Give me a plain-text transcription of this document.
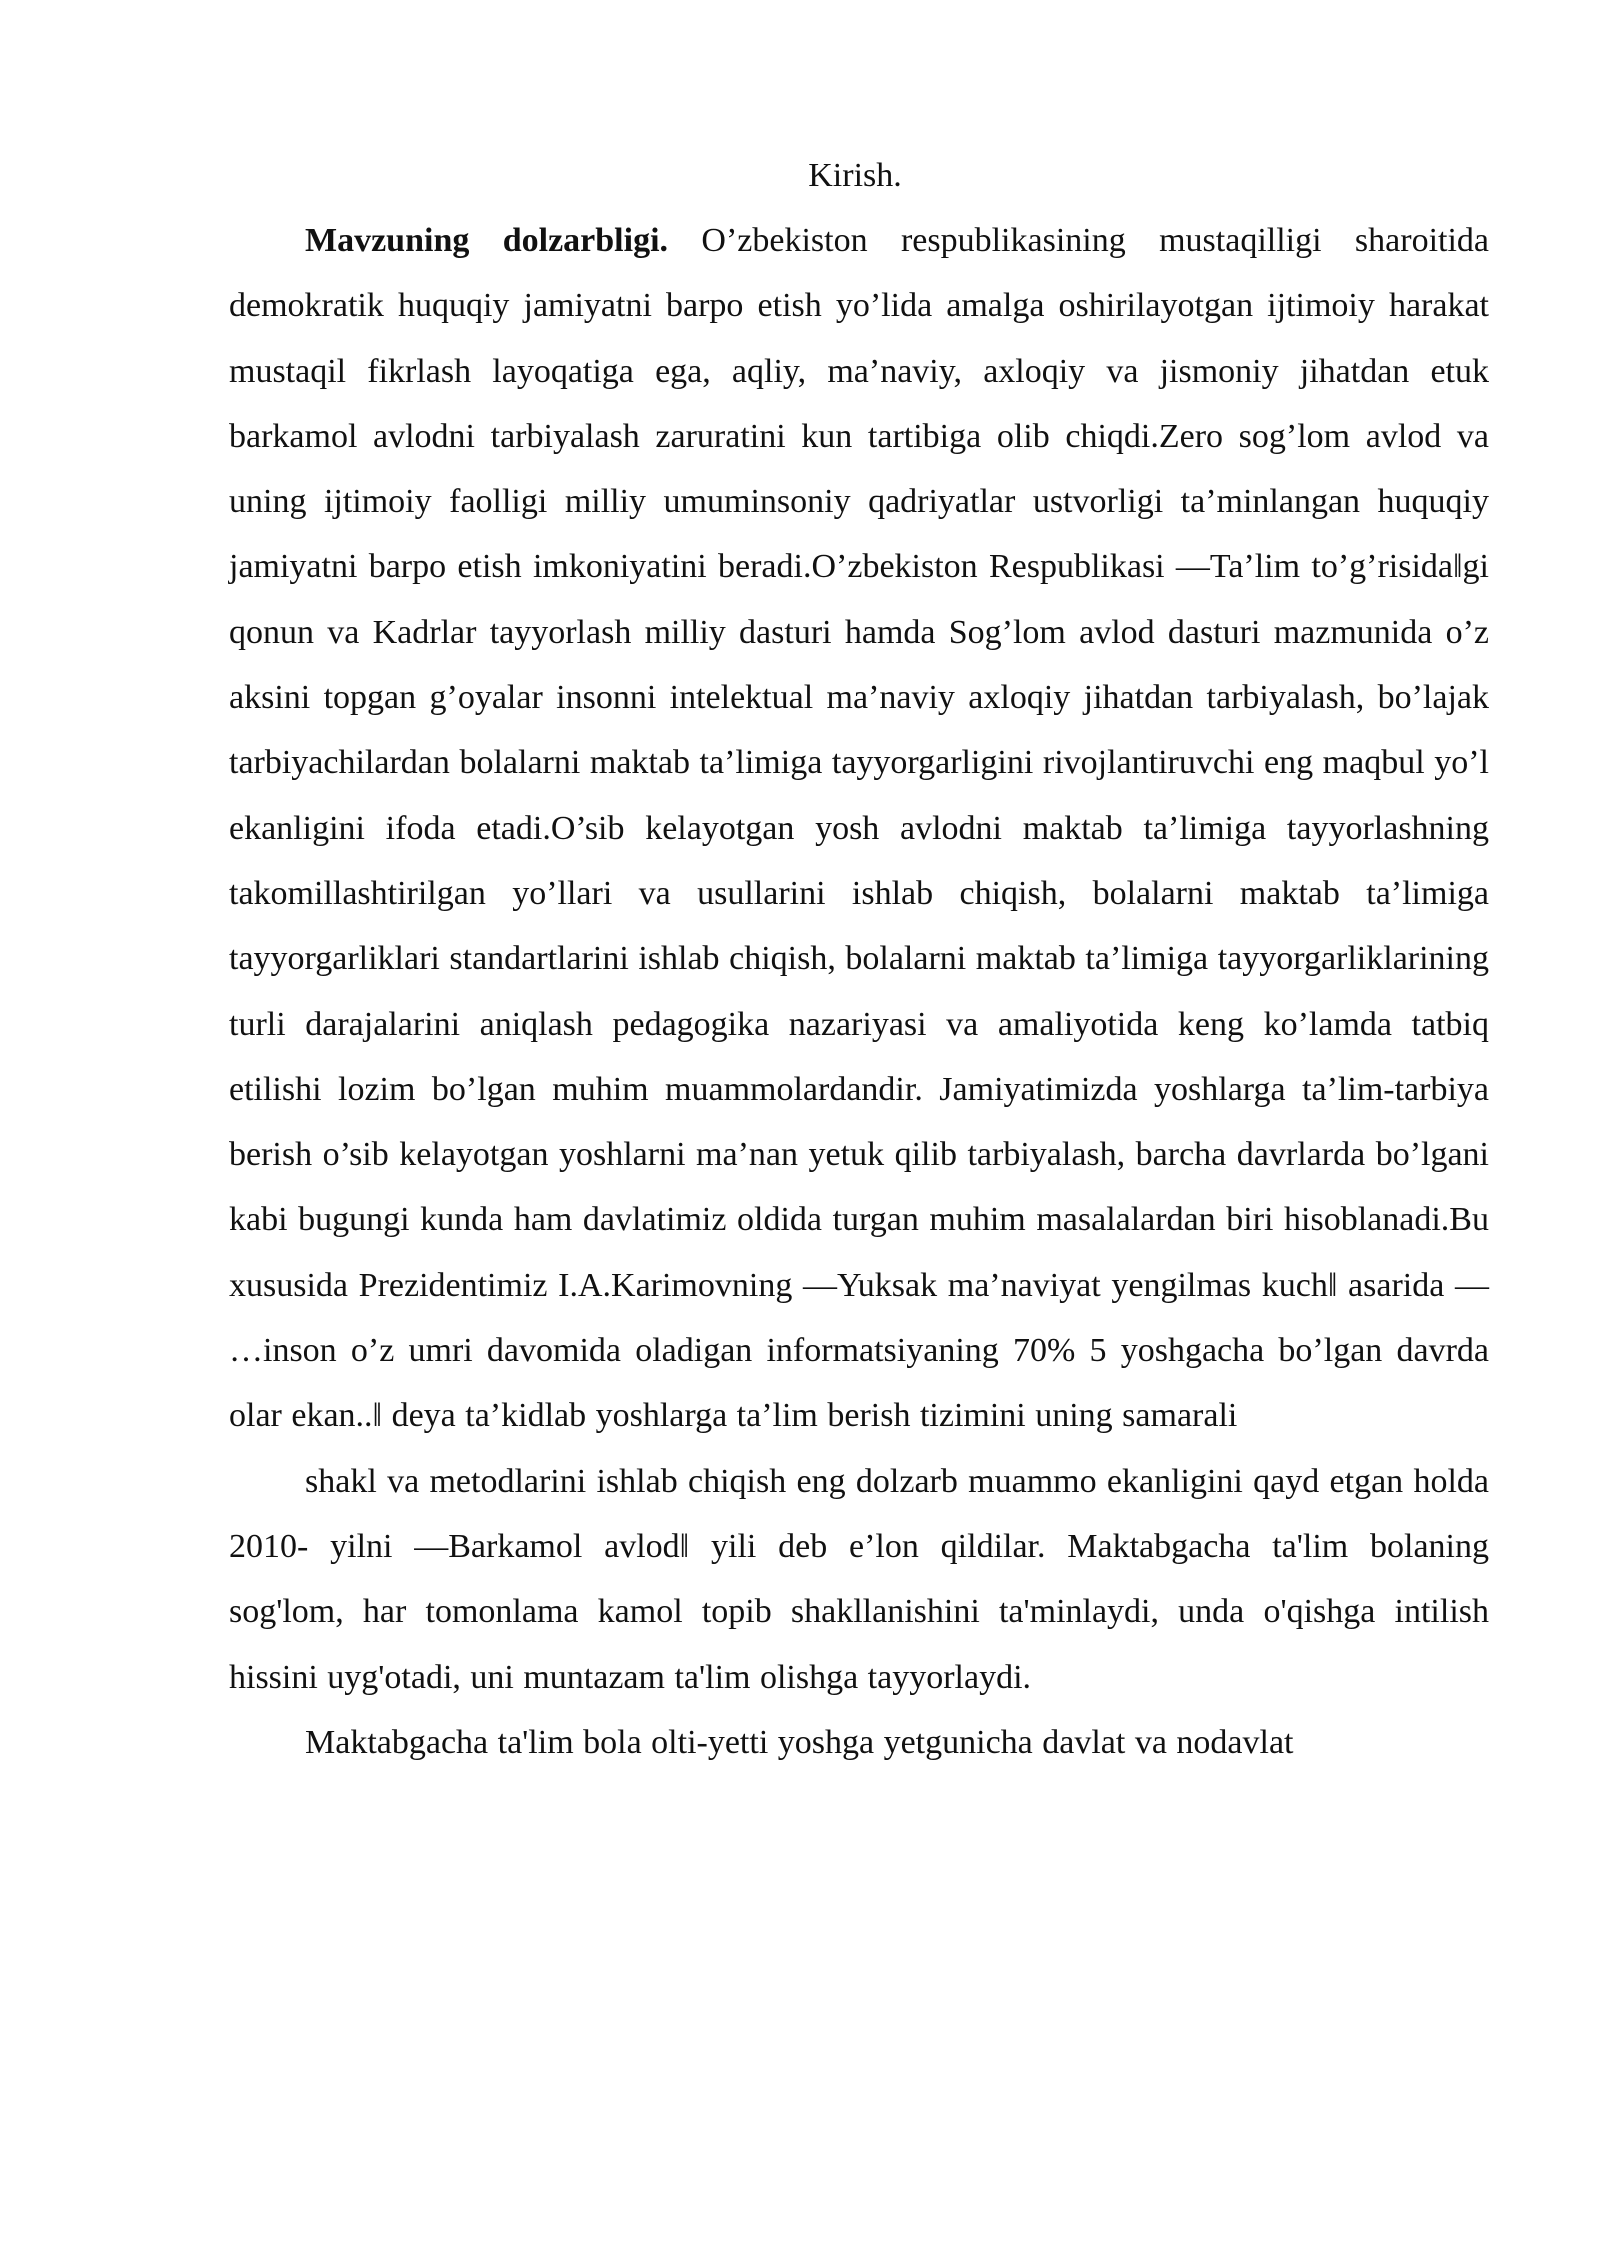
Kirish.

Mavzuning dolzarbligi. O’zbekiston respublikasining mustaqilligi sharoitida demokratik huquqiy jamiyatni barpo etish yo’lida amalga oshirilayotgan ijtimoiy harakat mustaqil fikrlash layoqatiga ega, aqliy, ma’naviy, axloqiy va jismoniy jihatdan etuk barkamol avlodni tarbiyalash zaruratini kun tartibiga olib chiqdi.Zero sog’lom avlod va uning ijtimoiy faolligi milliy umuminsoniy qadriyatlar ustvorligi ta’minlangan huquqiy jamiyatni barpo etish imkoniyatini beradi.O’zbekiston Respublikasi ―Ta’lim to’g’risida‖gi qonun va Kadrlar tayyorlash milliy dasturi hamda Sog’lom avlod dasturi mazmunida o’z aksini topgan g’oyalar insonni intelektual ma’naviy axloqiy jihatdan tarbiyalash, bo’lajak tarbiyachilardan bolalarni maktab ta’limiga tayyorgarligini rivojlantiruvchi eng maqbul yo’l ekanligini ifoda etadi.O’sib kelayotgan yosh avlodni maktab ta’limiga tayyorlashning takomillashtirilgan yo’llari va usullarini ishlab chiqish, bolalarni maktab ta’limiga tayyorgarliklari standartlarini ishlab chiqish, bolalarni maktab ta’limiga tayyorgarliklarining turli darajalarini aniqlash pedagogika nazariyasi va amaliyotida keng ko’lamda tatbiq etilishi lozim bo’lgan muhim muammolardandir. Jamiyatimizda yoshlarga ta’lim-tarbiya berish o’sib kelayotgan yoshlarni ma’nan yetuk qilib tarbiyalash, barcha davrlarda bo’lgani kabi bugungi kunda ham davlatimiz oldida turgan muhim masalalardan biri hisoblanadi.Bu xususida Prezidentimiz I.A.Karimovning ―Yuksak ma’naviyat yengilmas kuch‖ asarida ― …inson o’z umri davomida oladigan informatsiyaning 70% 5 yoshgacha bo’lgan davrda olar ekan..‖ deya ta’kidlab yoshlarga ta’lim berish tizimini uning samarali

shakl va metodlarini ishlab chiqish eng dolzarb muammo ekanligini qayd etgan holda 2010- yilni ―Barkamol avlod‖ yili deb e’lon qildilar. Maktabgacha ta'lim bolaning sog'lom, har tomonlama kamol topib shakllanishini ta'minlaydi, unda o'qishga intilish hissini uyg'otadi, uni muntazam ta'lim olishga tayyorlaydi.

Maktabgacha ta'lim bola olti-yetti yoshga yetgunicha davlat va nodavlat
